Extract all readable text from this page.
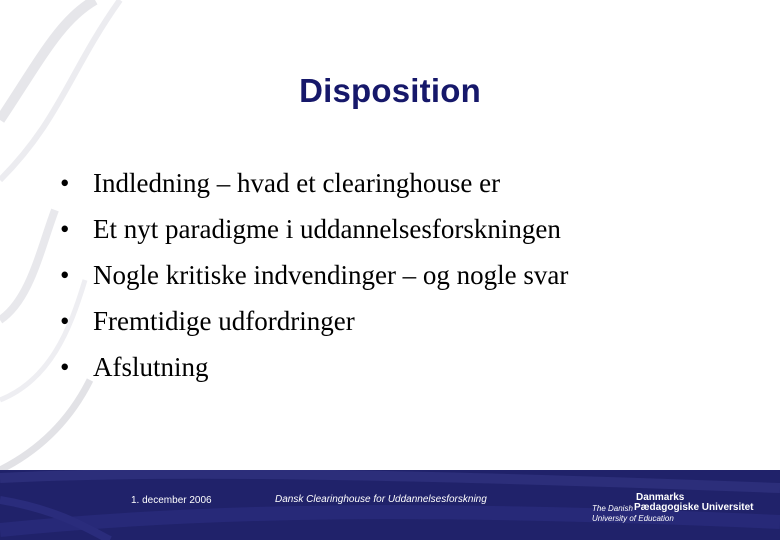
Disposition
• Indledning – hvad et clearinghouse er
• Et nyt paradigme i uddannelsesforskningen
• Nogle kritiske indvendinger – og nogle svar
• Fremtidige udfordringer
• Afslutning
1. december 2006	Dansk Clearinghouse for Uddannelsesforskning	Danmarks
The Danish Pædagogiske Universitet
University of Education
